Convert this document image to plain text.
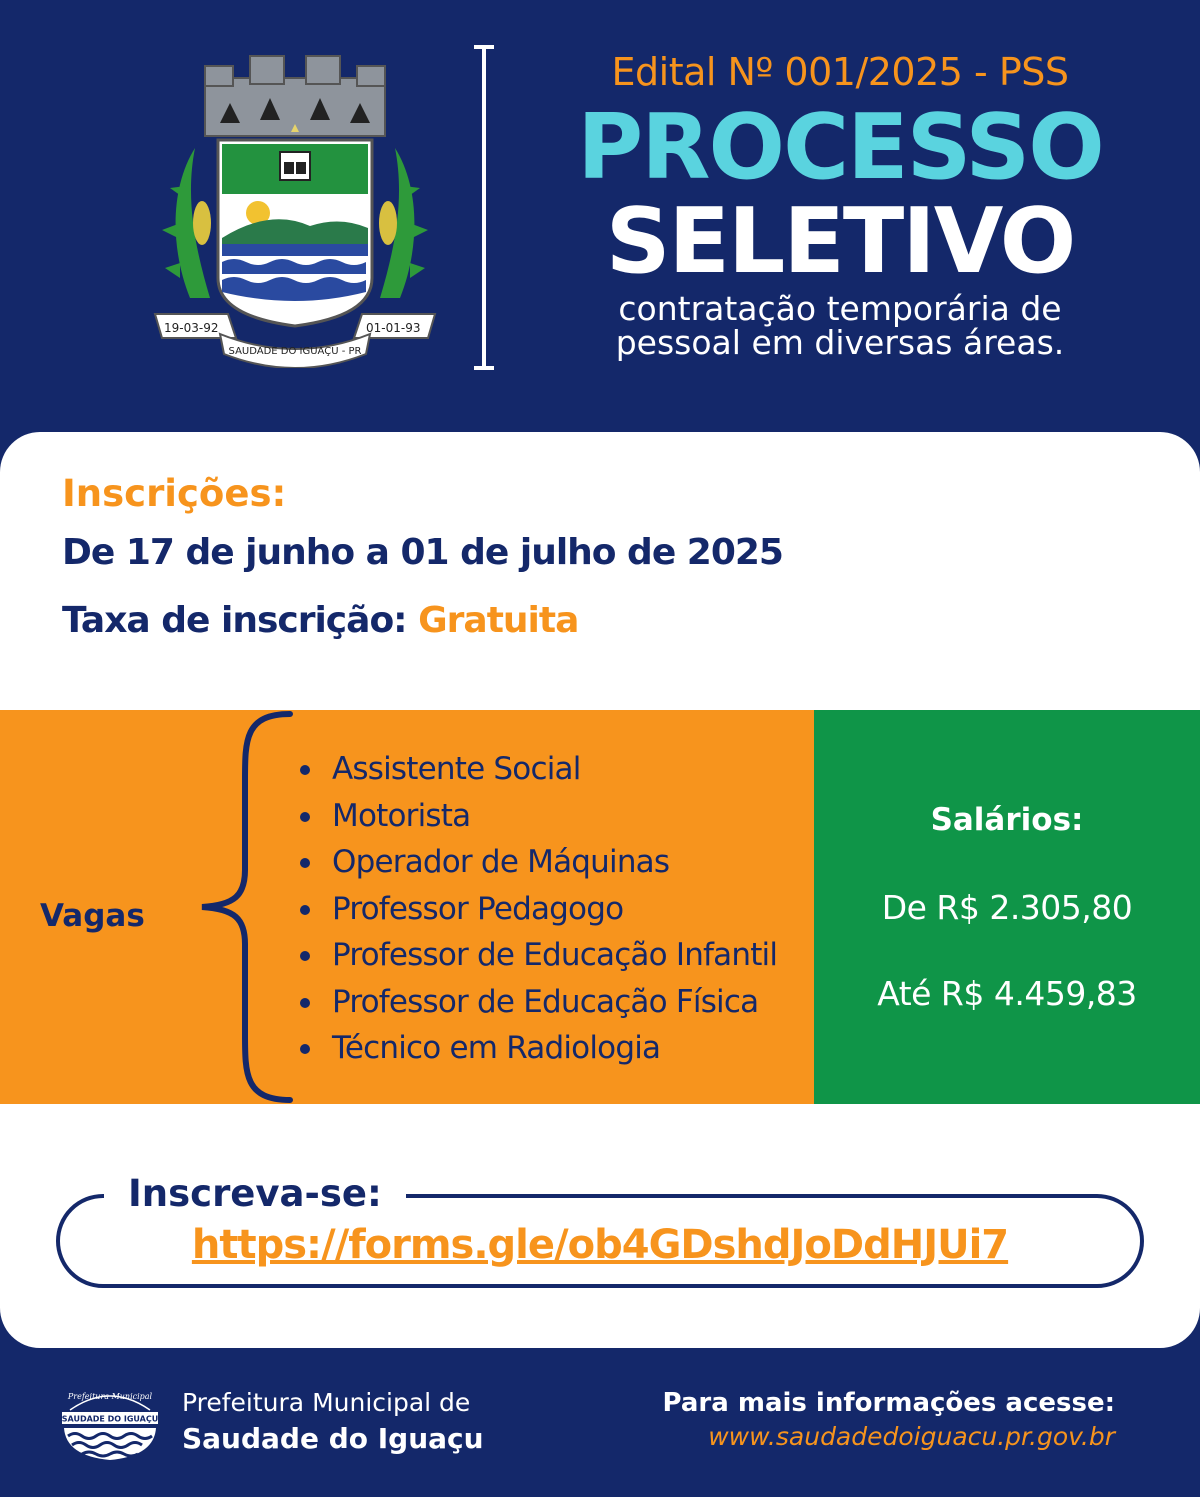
19-03-92	01-01-93
SAUDADE DO IGUAÇU - PR
Edital Nº 001/2025 - PSS
PROCESSO
SELETIVO
contratação temporária de
pessoal em diversas áreas.
Inscrições:
De 17 de junho a 01 de julho de 2025
Taxa de inscrição: Gratuita
Vagas
Assistente Social
Motorista
Operador de Máquinas
Professor Pedagogo
Professor de Educação Infantil
Professor de Educação Física
Técnico em Radiologia
Salários:
De R$ 2.305,80
Até R$ 4.459,83
Inscreva-se:
https://forms.gle/ob4GDshdJoDdHJUi7
Prefeitura Municipal
SAUDADE DO IGUAÇU
Prefeitura Municipal de
Saudade do Iguaçu
Para mais informações acesse:
www.saudadedoiguacu.pr.gov.br
